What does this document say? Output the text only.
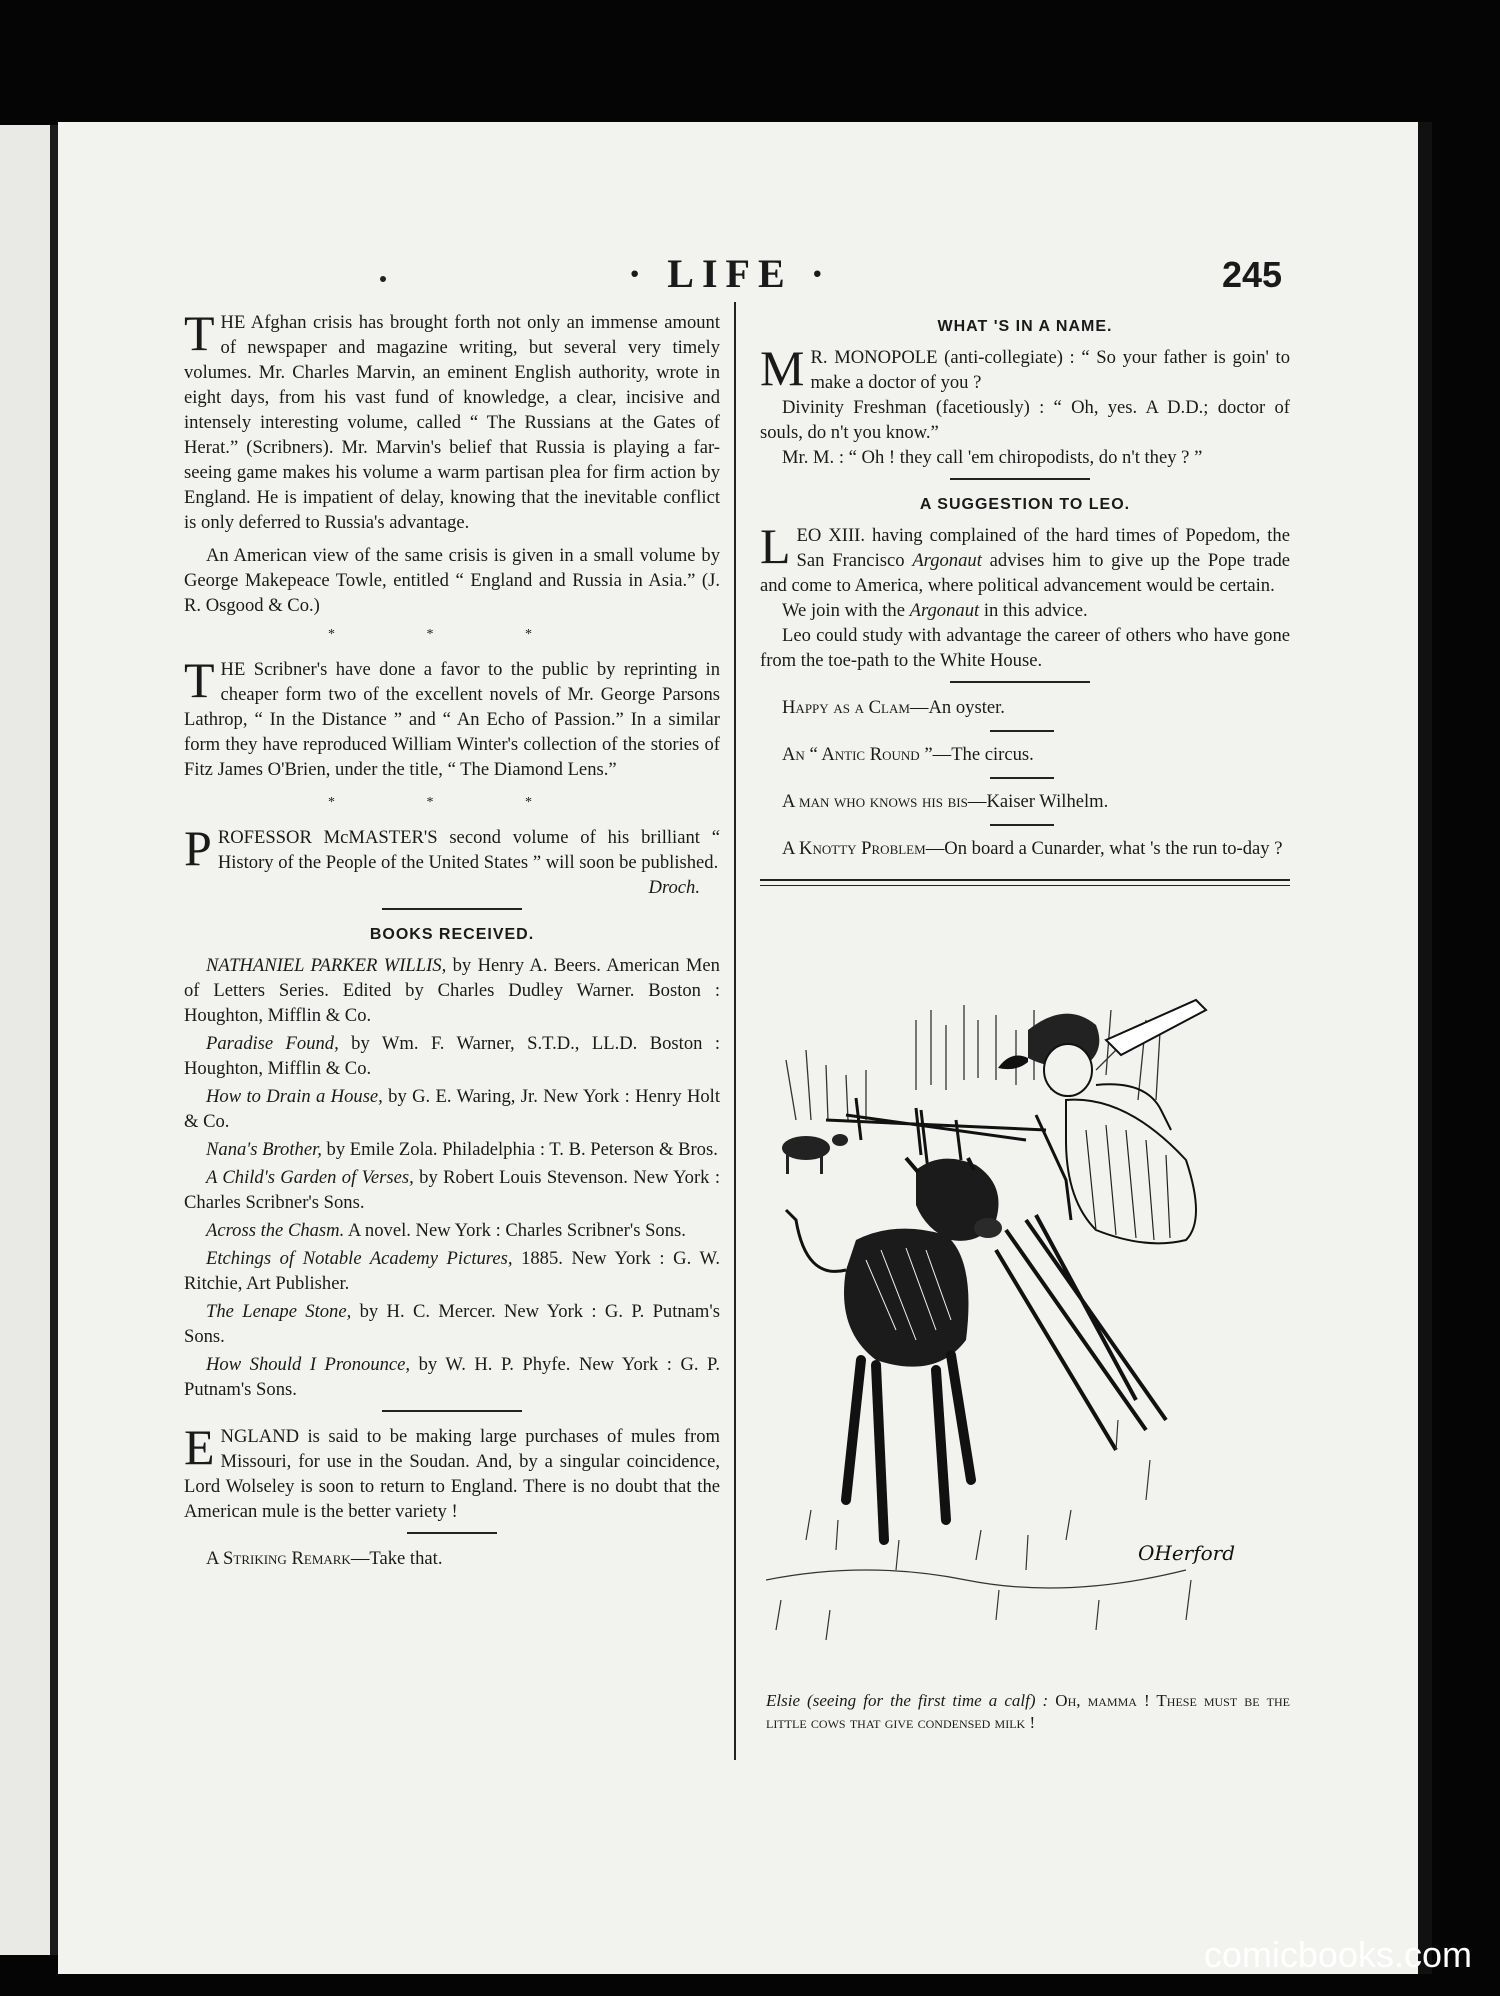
· LIFE ·	245

THE Afghan crisis has brought forth not only an immense amount of newspaper and magazine writing, but several very timely volumes. Mr. Charles Marvin, an eminent English authority, wrote in eight days, from his vast fund of knowledge, a clear, incisive and intensely interesting volume, called “ The Russians at the Gates of Herat.” (Scribners). Mr. Marvin's belief that Russia is playing a far-seeing game makes his volume a warm partisan plea for firm action by England. He is impatient of delay, knowing that the inevitable conflict is only deferred to Russia's advantage.

An American view of the same crisis is given in a small volume by George Makepeace Towle, entitled “ England and Russia in Asia.” (J. R. Osgood & Co.)

* * *

THE Scribner's have done a favor to the public by reprinting in cheaper form two of the excellent novels of Mr. George Parsons Lathrop, “ In the Distance ” and “ An Echo of Passion.” In a similar form they have reproduced William Winter's collection of the stories of Fitz James O'Brien, under the title, “ The Diamond Lens.”

* * *

PROFESSOR McMASTER'S second volume of his brilliant “ History of the People of the United States ” will soon be published.

Droch.

BOOKS RECEIVED.

NATHANIEL PARKER WILLIS, by Henry A. Beers. American Men of Letters Series. Edited by Charles Dudley Warner. Boston : Houghton, Mifflin & Co.

Paradise Found, by Wm. F. Warner, S.T.D., LL.D. Boston : Houghton, Mifflin & Co.

How to Drain a House, by G. E. Waring, Jr. New York : Henry Holt & Co.

Nana's Brother, by Emile Zola. Philadelphia : T. B. Peterson & Bros.

A Child's Garden of Verses, by Robert Louis Stevenson. New York : Charles Scribner's Sons.

Across the Chasm. A novel. New York : Charles Scribner's Sons.

Etchings of Notable Academy Pictures, 1885. New York : G. W. Ritchie, Art Publisher.

The Lenape Stone, by H. C. Mercer. New York : G. P. Putnam's Sons.

How Should I Pronounce, by W. H. P. Phyfe. New York : G. P. Putnam's Sons.

ENGLAND is said to be making large purchases of mules from Missouri, for use in the Soudan. And, by a singular coincidence, Lord Wolseley is soon to return to England. There is no doubt that the American mule is the better variety !

A Striking Remark—Take that.

WHAT 'S IN A NAME.

M R. MONOPOLE (anti-collegiate) : “ So your father is goin' to make a doctor of you ?

Divinity Freshman (facetiously) : “ Oh, yes. A D.D.; doctor of souls, do n't you know.”

Mr. M. : “ Oh ! they call 'em chiropodists, do n't they ? ”

A SUGGESTION TO LEO.

LEO XIII. having complained of the hard times of Popedom, the San Francisco Argonaut advises him to give up the Pope trade and come to America, where political advancement would be certain.

We join with the Argonaut in this advice.

Leo could study with advantage the career of others who have gone from the toe-path to the White House.

Happy as a Clam—An oyster.

An “ Antic Round ”—The circus.

A man who knows his bis—Kaiser Wilhelm.

A Knotty Problem—On board a Cunarder, what 's the run to-day ?

OHerford
Elsie (seeing for the first time a calf) : Oh, mamma ! These must be the little cows that give condensed milk !
comicbooks.com
